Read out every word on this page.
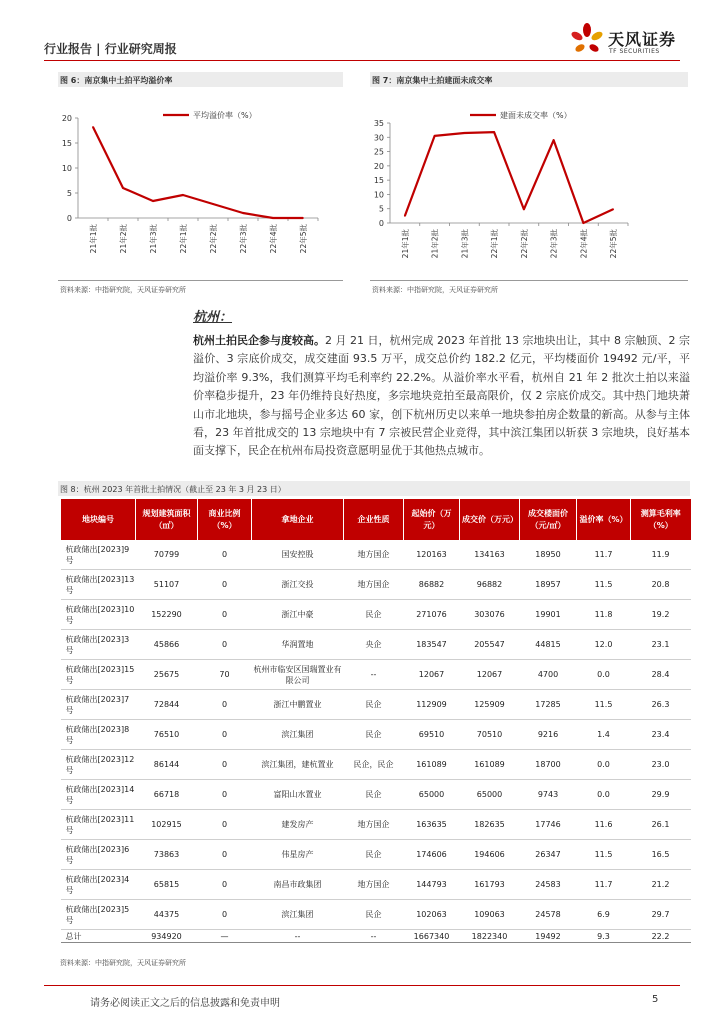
行业报告 | 行业研究周报	天风证券
TF SECURITIES
图 6：南京集中土拍平均溢价率
0
5
10
15
20
21年1批	21年2批	21年3批	22年1批	22年2批	22年3批	22年4批	22年5批
平均溢价率（%）
资料来源：中指研究院，天风证券研究所
图 7：南京集中土拍建面未成交率
0
5
10
15
20
25
30
35
21年1批	21年2批	21年3批	22年1批	22年2批	22年3批	22年4批	22年5批
建面未成交率（%）
资料来源：中指研究院，天风证券研究所
杭州：
杭州土拍民企参与度较高。2 月 21 日，杭州完成 2023 年首批 13 宗地块出让，其中 8 宗触顶、2 宗溢价、3 宗底价成交，成交建面 93.5 万平，成交总价约 182.2 亿元，平均楼面价 19492 元/平，平均溢价率 9.3%，我们测算平均毛利率约 22.2%。从溢价率水平看，杭州自 21 年 2 批次土拍以来溢价率稳步提升，23 年仍维持良好热度，多宗地块竞拍至最高限价，仅 2 宗底价成交。其中热门地块萧山市北地块，参与摇号企业多达 60 家，创下杭州历史以来单一地块参拍房企数量的新高。从参与主体看，23 年首批成交的 13 宗地块中有 7 宗被民营企业竞得，其中滨江集团以斩获 3 宗地块，良好基本面支撑下，民企在杭州布局投资意愿明显优于其他热点城市。
图 8：杭州 2023 年首批土拍情况（截止至 23 年 3 月 23 日）
地块编号	规划建筑面积（㎡）	商业比例（%）	拿地企业	企业性质	起始价（万元）	成交价（万元）	成交楼面价（元/㎡）	溢价率（%）	测算毛利率（%）
杭政储出[2023]9 号	70799	0	国安控股	地方国企	120163	134163	18950	11.7	11.9
杭政储出[2023]13 号	51107	0	浙江交投	地方国企	86882	96882	18957	11.5	20.8
杭政储出[2023]10 号	152290	0	浙江中豪	民企	271076	303076	19901	11.8	19.2
杭政储出[2023]3 号	45866	0	华润置地	央企	183547	205547	44815	12.0	23.1
杭政储出[2023]15 号	25675	70	杭州市临安区国瑞置业有限公司	--	12067	12067	4700	0.0	28.4
杭政储出[2023]7 号	72844	0	浙江中鹏置业	民企	112909	125909	17285	11.5	26.3
杭政储出[2023]8 号	76510	0	滨江集团	民企	69510	70510	9216	1.4	23.4
杭政储出[2023]12 号	86144	0	滨江集团，建杭置业	民企，民企	161089	161089	18700	0.0	23.0
杭政储出[2023]14 号	66718	0	富阳山水置业	民企	65000	65000	9743	0.0	29.9
杭政储出[2023]11 号	102915	0	建发房产	地方国企	163635	182635	17746	11.6	26.1
杭政储出[2023]6 号	73863	0	伟星房产	民企	174606	194606	26347	11.5	16.5
杭政储出[2023]4 号	65815	0	南昌市政集团	地方国企	144793	161793	24583	11.7	21.2
杭政储出[2023]5 号	44375	0	滨江集团	民企	102063	109063	24578	6.9	29.7
总计	934920	—	--	--	1667340	1822340	19492	9.3	22.2
资料来源：中指研究院，天风证券研究所
请务必阅读正文之后的信息披露和免责申明	5
